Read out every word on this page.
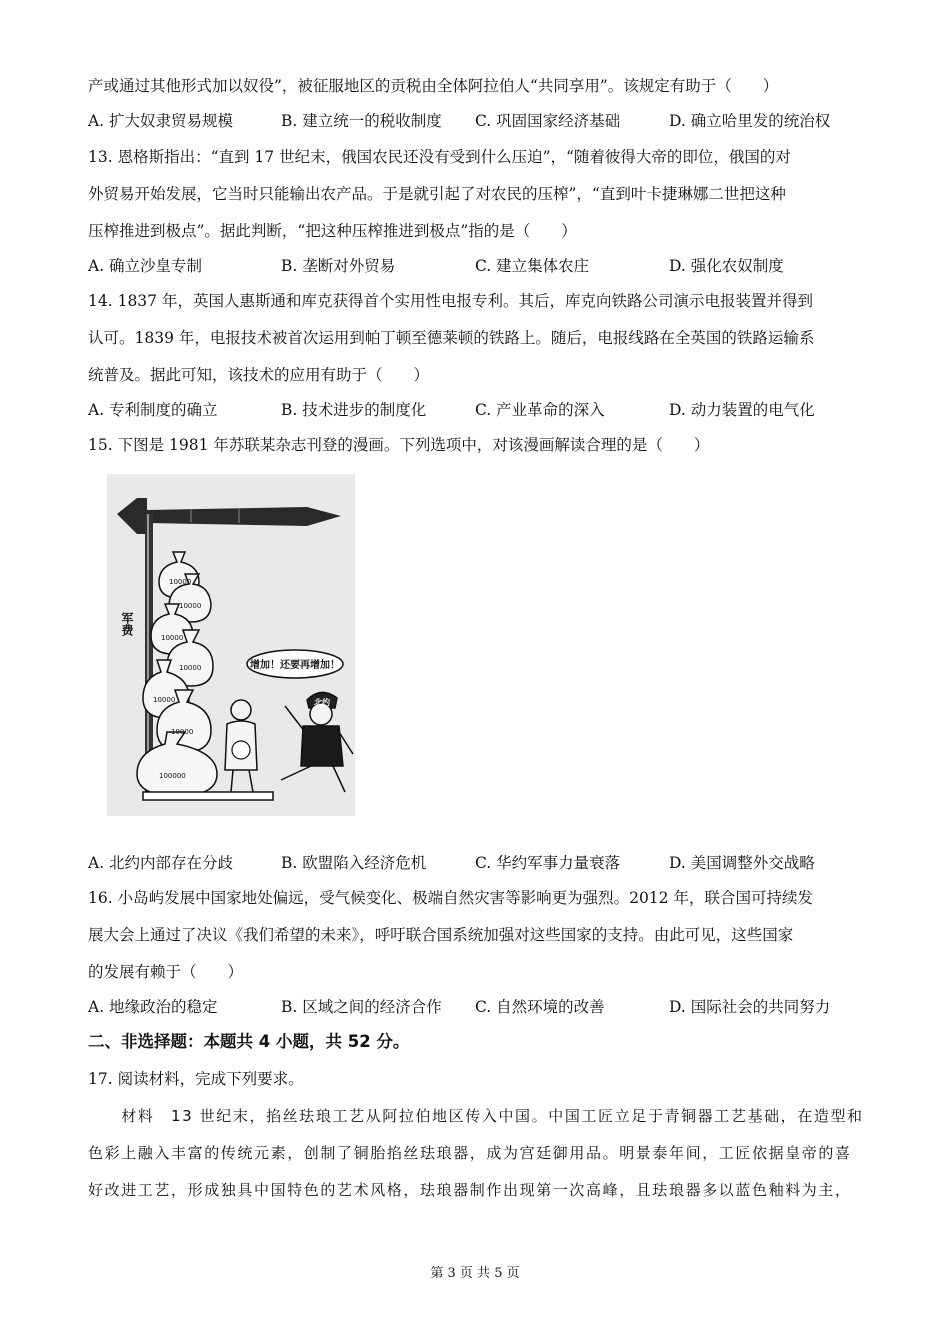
产或通过其他形式加以奴役”，被征服地区的贡税由全体阿拉伯人“共同享用”。该规定有助于（　　）
A. 扩大奴隶贸易规模	B. 建立统一的税收制度 C. 巩固国家经济基础	D. 确立哈里发的统治权
13. 恩格斯指出：“直到 17 世纪末，俄国农民还没有受到什么压迫”，“随着彼得大帝的即位，俄国的对
外贸易开始发展，它当时只能输出农产品。于是就引起了对农民的压榨”，“直到叶卡捷琳娜二世把这种
压榨推进到极点”。据此判断，“把这种压榨推进到极点”指的是（　　）
A. 确立沙皇专制	B. 垄断对外贸易	C. 建立集体农庄	D. 强化农奴制度
14. 1837 年，英国人惠斯通和库克获得首个实用性电报专利。其后，库克向铁路公司演示电报装置并得到
认可。1839 年，电报技术被首次运用到帕丁顿至德莱顿的铁路上。随后，电报线路在全英国的铁路运输系
统普及。据此可知，该技术的应用有助于（　　）
A. 专利制度的确立	B. 技术进步的制度化	C. 产业革命的深入	D. 动力装置的电气化
15. 下图是 1981 年苏联某杂志刊登的漫画。下列选项中，对该漫画解读合理的是（　　）
军费
10000
10000
10000
10000
10000
10000
100000
增加！还要再增加！
北约
A. 北约内部存在分歧	B. 欧盟陷入经济危机	C. 华约军事力量衰落	D. 美国调整外交战略
16. 小岛屿发展中国家地处偏远，受气候变化、极端自然灾害等影响更为强烈。2012 年，联合国可持续发
展大会上通过了决议《我们希望的未来》，呼吁联合国系统加强对这些国家的支持。由此可见，这些国家
的发展有赖于（　　）
A. 地缘政治的稳定	B. 区域之间的经济合作 C. 自然环境的改善	D. 国际社会的共同努力
二、非选择题：本题共 4 小题，共 52 分。
17. 阅读材料，完成下列要求。
　　材料　13 世纪末，掐丝珐琅工艺从阿拉伯地区传入中国。中国工匠立足于青铜器工艺基础，在造型和
色彩上融入丰富的传统元素，创制了铜胎掐丝珐琅器，成为宫廷御用品。明景泰年间，工匠依据皇帝的喜
好改进工艺，形成独具中国特色的艺术风格，珐琅器制作出现第一次高峰，且珐琅器多以蓝色釉料为主，
第 3 页 共 5 页
